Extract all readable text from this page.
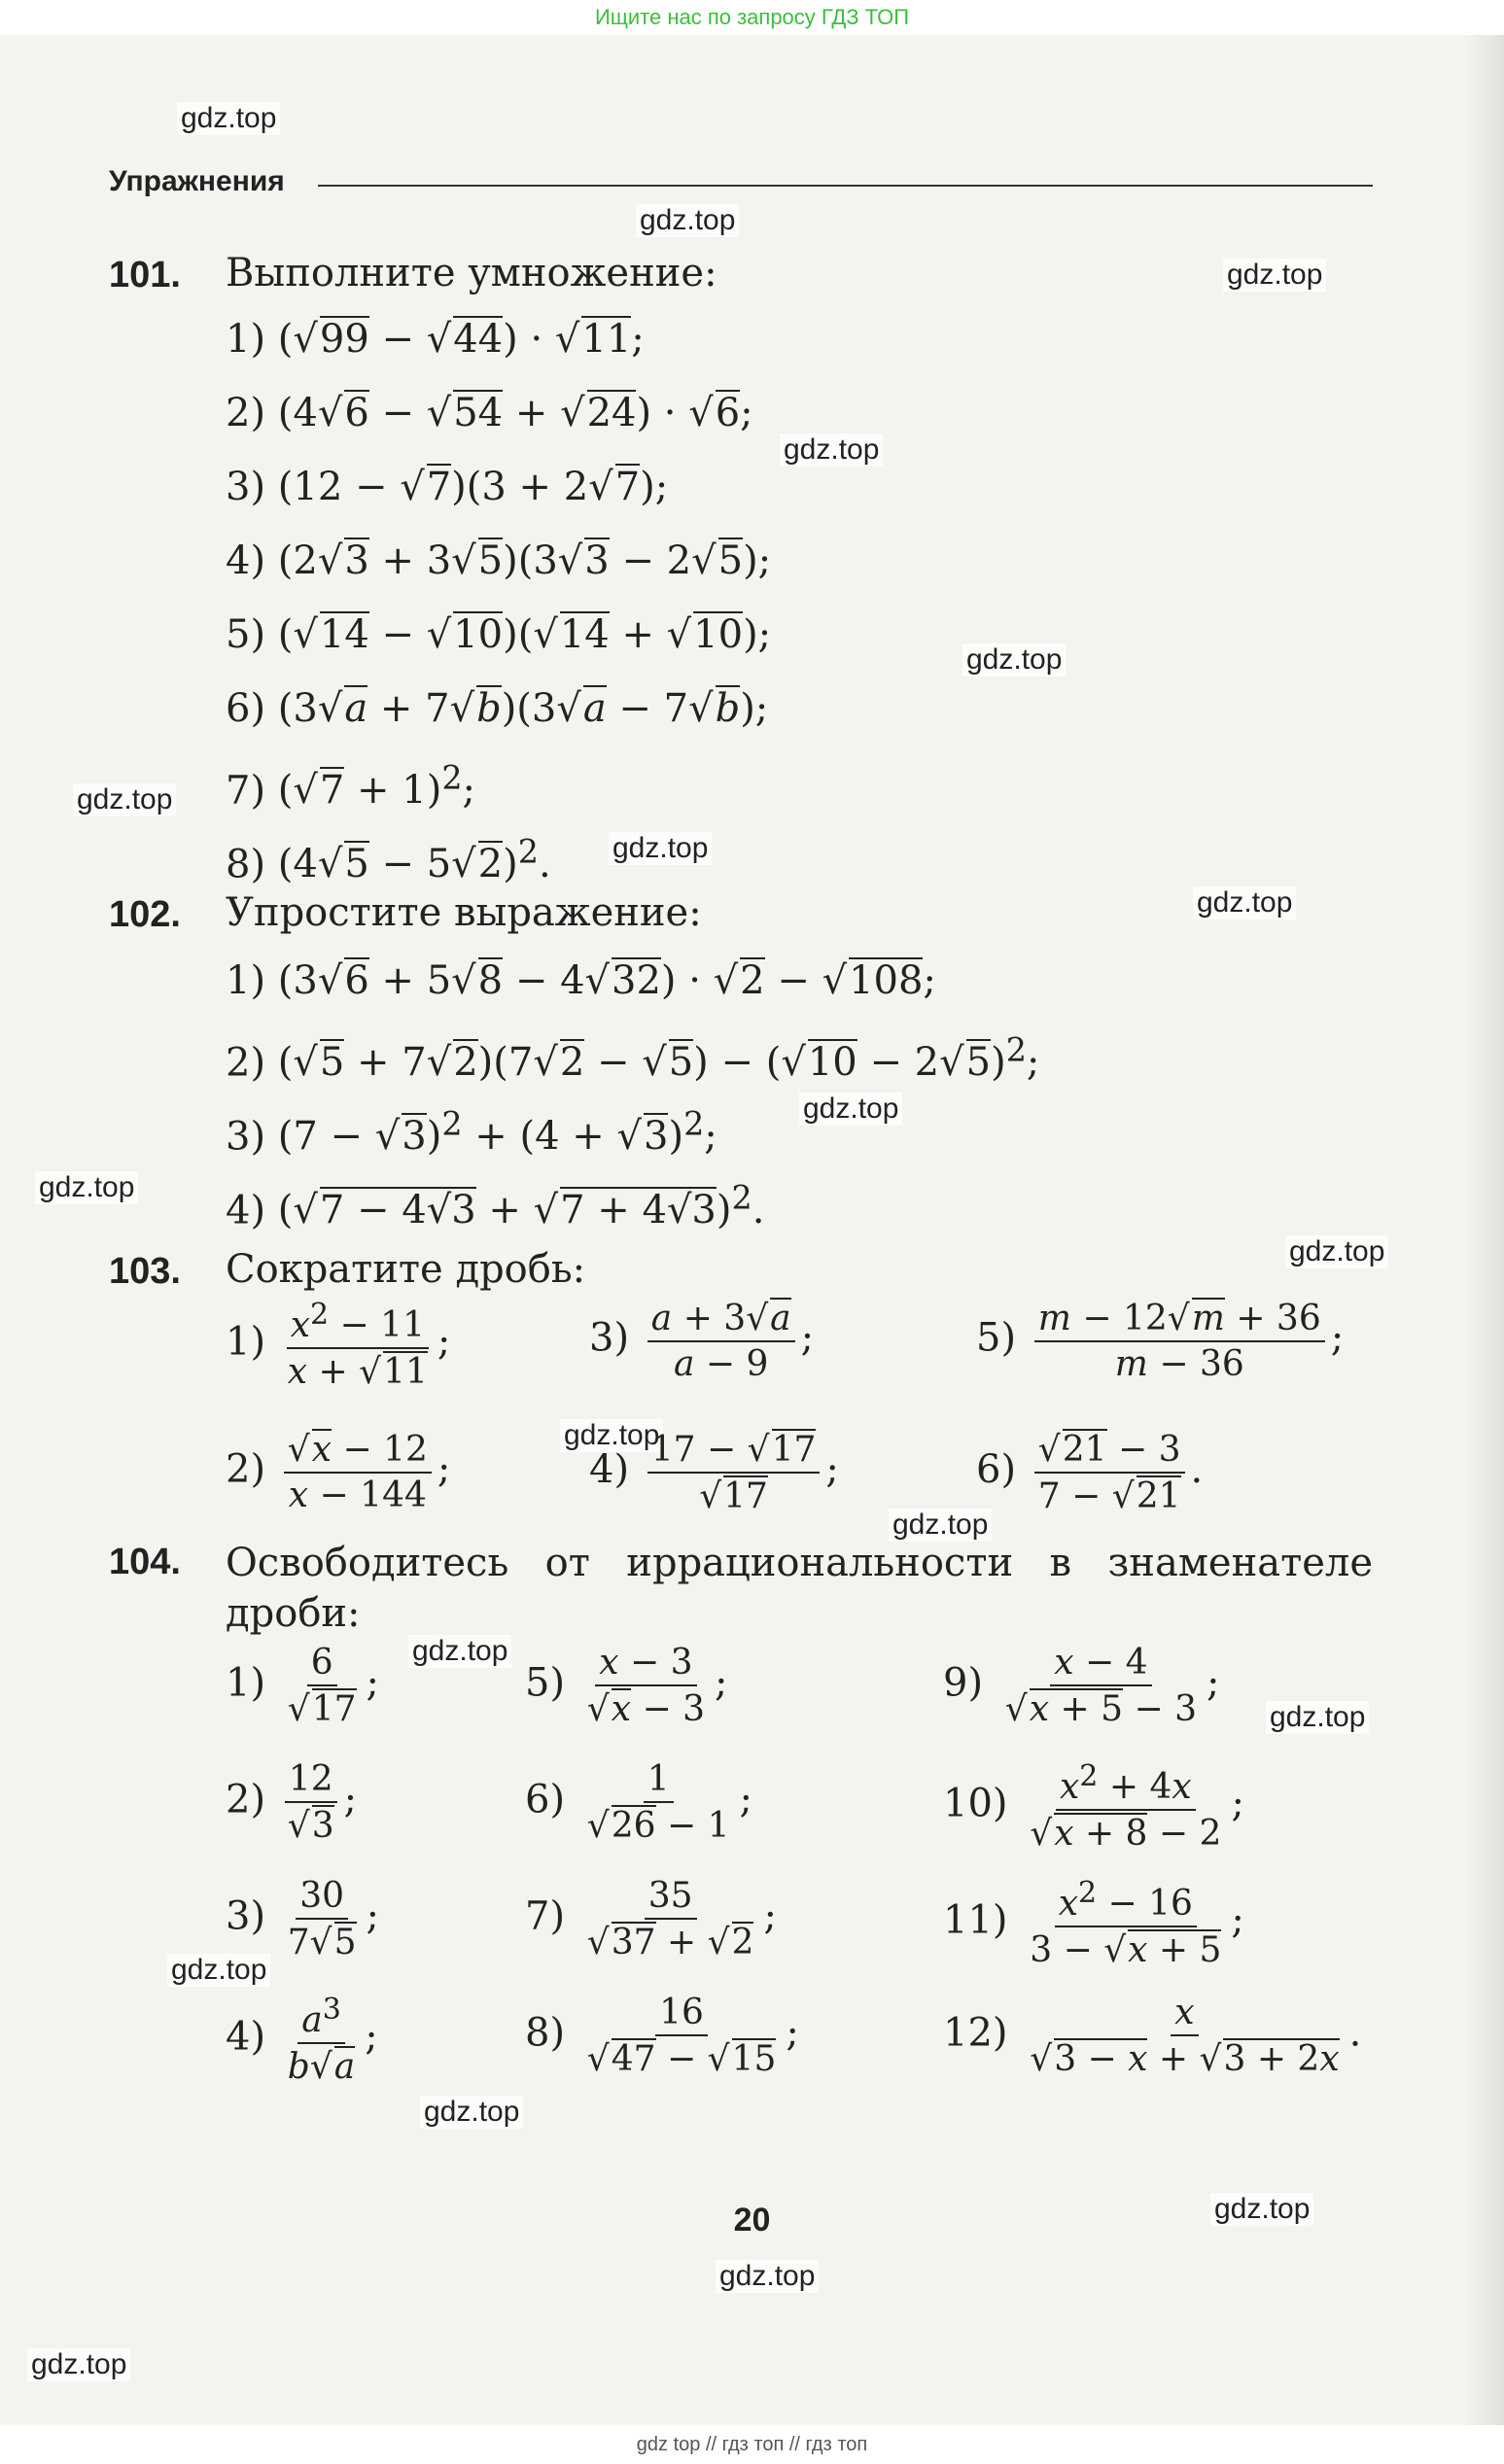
Ищите нас по запросу ГДЗ ТОП
gdz.top
gdz.top
gdz.top
gdz.top
gdz.top
gdz.top
gdz.top
gdz.top
gdz.top
gdz.top
gdz.top
gdz.top
gdz.top
gdz.top
gdz.top
gdz.top
gdz.top
gdz.top
gdz.top
gdz.top
Упражнения
101. Выполните умножение:
1) (√99 − √44) · √11;
2) (4√6 − √54 + √24) · √6;
3) (12 − √7)(3 + 2√7);
4) (2√3 + 3√5)(3√3 − 2√5);
5) (√14 − √10)(√14 + √10);
6) (3√a + 7√b)(3√a − 7√b);
7) $(√7 + 1)^2$;
8) $(4√5 - 5√2)^2$.
102. Упростите выражение:
1) (3√6 + 5√8 − 4√32) · √2 − √108;
2) $(√5 + 7√2)(7√2 - √5) - (√10 - 2√5)^2$;
3) $(7 - √3)^2 + (4 + √3)^2$;
4) $(√7 - 4√3 + √7 + 4√3)^2$.
103. Сократите дробь:
$1) \frac{x^2 - 11}{x + √11}$ ;	$3) \frac{a + 3√a}{a - 9}$ ;	$5) \frac{m - 12√m + 36}{m - 36}$ ;
$2) \frac{√x - 12}{x - 144}$ ;	$4) \frac{17 - √17}{√17}$ ;	$6) \frac{√21 - 3}{7 - √21}$ .
104. Освободитесь от иррациональности в знаменателе дроби:
$1) \frac{6}{√17}$ ;	$5) \frac{x - 3}{√x - 3}$ ;	$9) \frac{x - 4}{√x + 5 - 3}$ ;
$2) \frac{12}{√3}$ ;	$6) \frac{1}{√26 - 1}$ ;	$10) \frac{x^2 + 4x}{√x + 8 - 2}$ ;
$3) \frac{30}{7√5}$ ;	$7) \frac{35}{√37 + √2}$ ;	$11) \frac{x^2 - 16}{3 - √x + 5}$ ;
$4) \frac{a^3}{b√a}$ ;	$8) \frac{16}{√47 - √15}$ ;	$12) \frac{x}{√3 - x + √3 + 2x}$ .
20
gdz top // гдз топ // гдз топ
